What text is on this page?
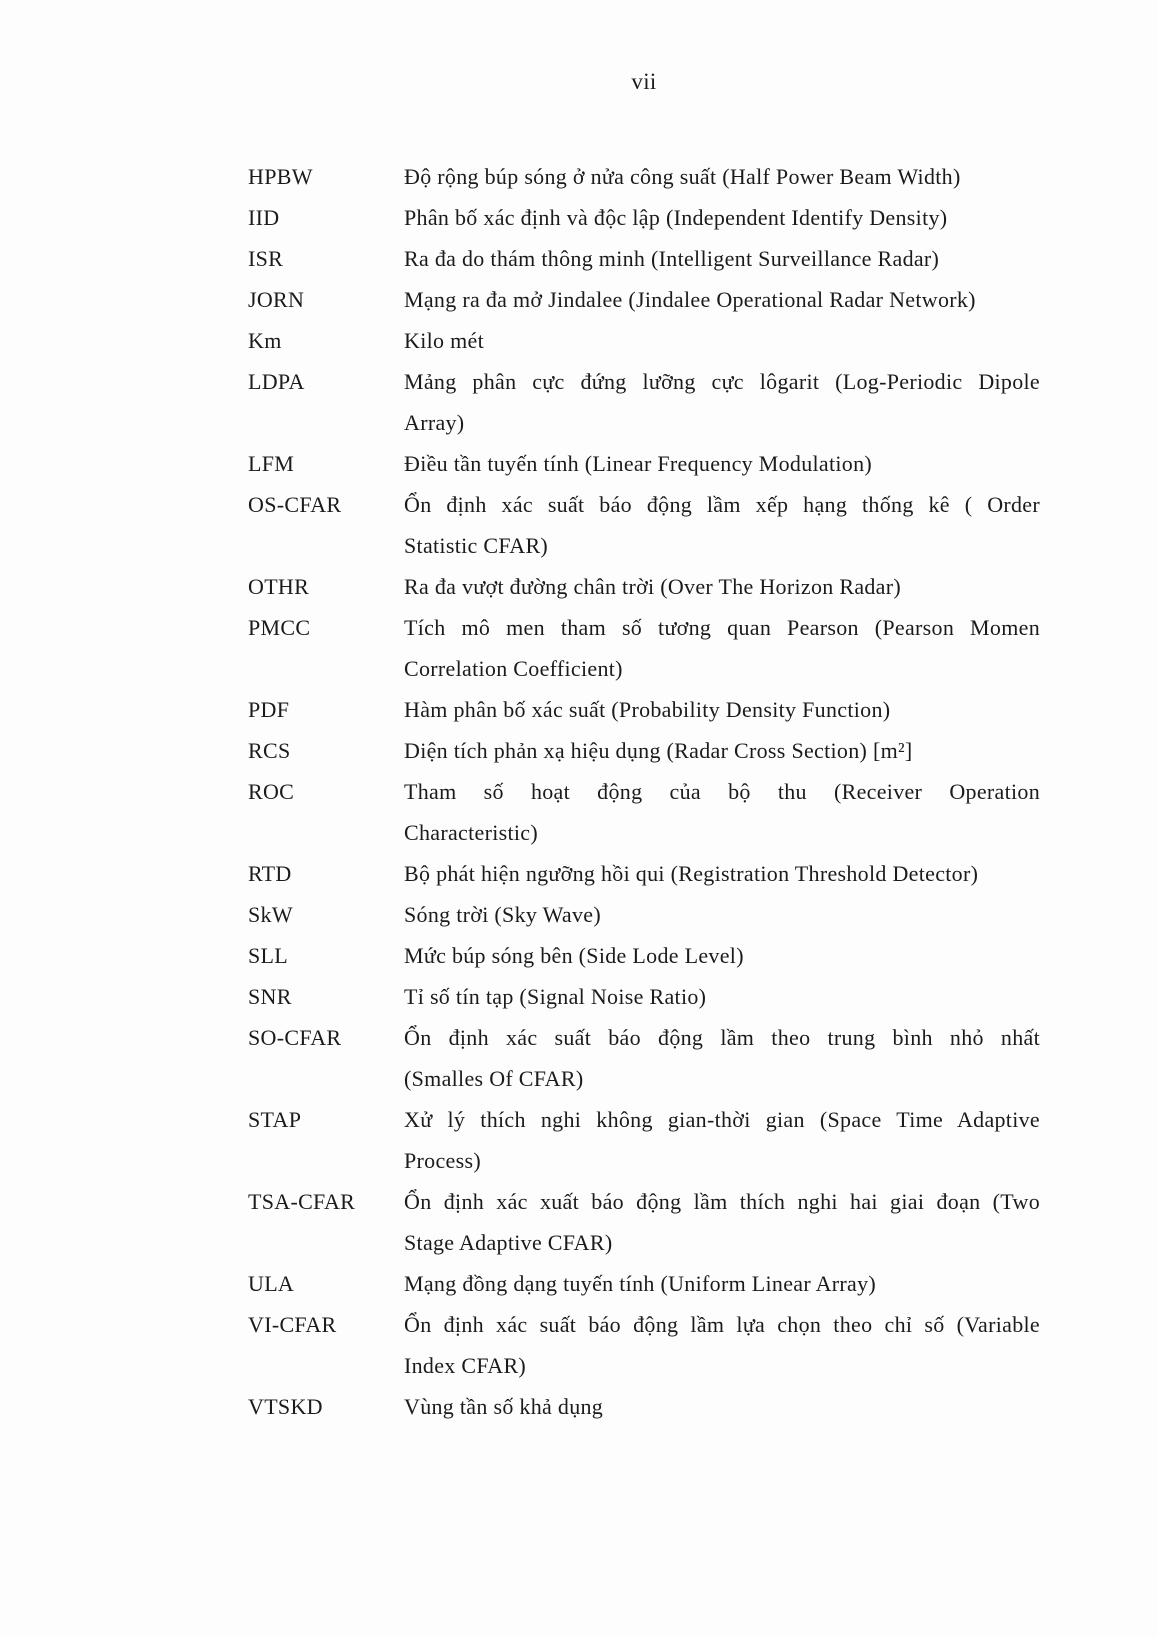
vii
HPBW	Độ rộng búp sóng ở nửa công suất (Half Power Beam Width)
IID	Phân bố xác định và độc lập (Independent Identify Density)
ISR	Ra đa do thám thông minh (Intelligent Surveillance Radar)
JORN	Mạng ra đa mở Jindalee (Jindalee Operational Radar Network)
Km	Kilo mét
LDPA	Mảng phân cực đứng lưỡng cực lôgarit (Log-Periodic Dipole
Array)
LFM	Điều tần tuyến tính (Linear Frequency Modulation)
OS-CFAR	Ổn định xác suất báo động lầm xếp hạng thống kê ( Order
Statistic CFAR)
OTHR	Ra đa vượt đường chân trời (Over The Horizon Radar)
PMCC	Tích mô men tham số tương quan Pearson (Pearson Momen
Correlation Coefficient)
PDF	Hàm phân bố xác suất (Probability Density Function)
RCS	Diện tích phản xạ hiệu dụng (Radar Cross Section) [m²]
ROC	Tham số hoạt động của bộ thu (Receiver Operation
Characteristic)
RTD	Bộ phát hiện ngưỡng hồi qui (Registration Threshold Detector)
SkW	Sóng trời (Sky Wave)
SLL	Mức búp sóng bên (Side Lode Level)
SNR	Tỉ số tín tạp (Signal Noise Ratio)
SO-CFAR	Ổn định xác suất báo động lầm theo trung bình nhỏ nhất
(Smalles Of CFAR)
STAP	Xử lý thích nghi không gian-thời gian (Space Time Adaptive
Process)
TSA-CFAR	Ổn định xác xuất báo động lầm thích nghi hai giai đoạn (Two
Stage Adaptive CFAR)
ULA	Mạng đồng dạng tuyến tính (Uniform Linear Array)
VI-CFAR	Ổn định xác suất báo động lầm lựa chọn theo chỉ số (Variable
Index CFAR)
VTSKD	Vùng tần số khả dụng
